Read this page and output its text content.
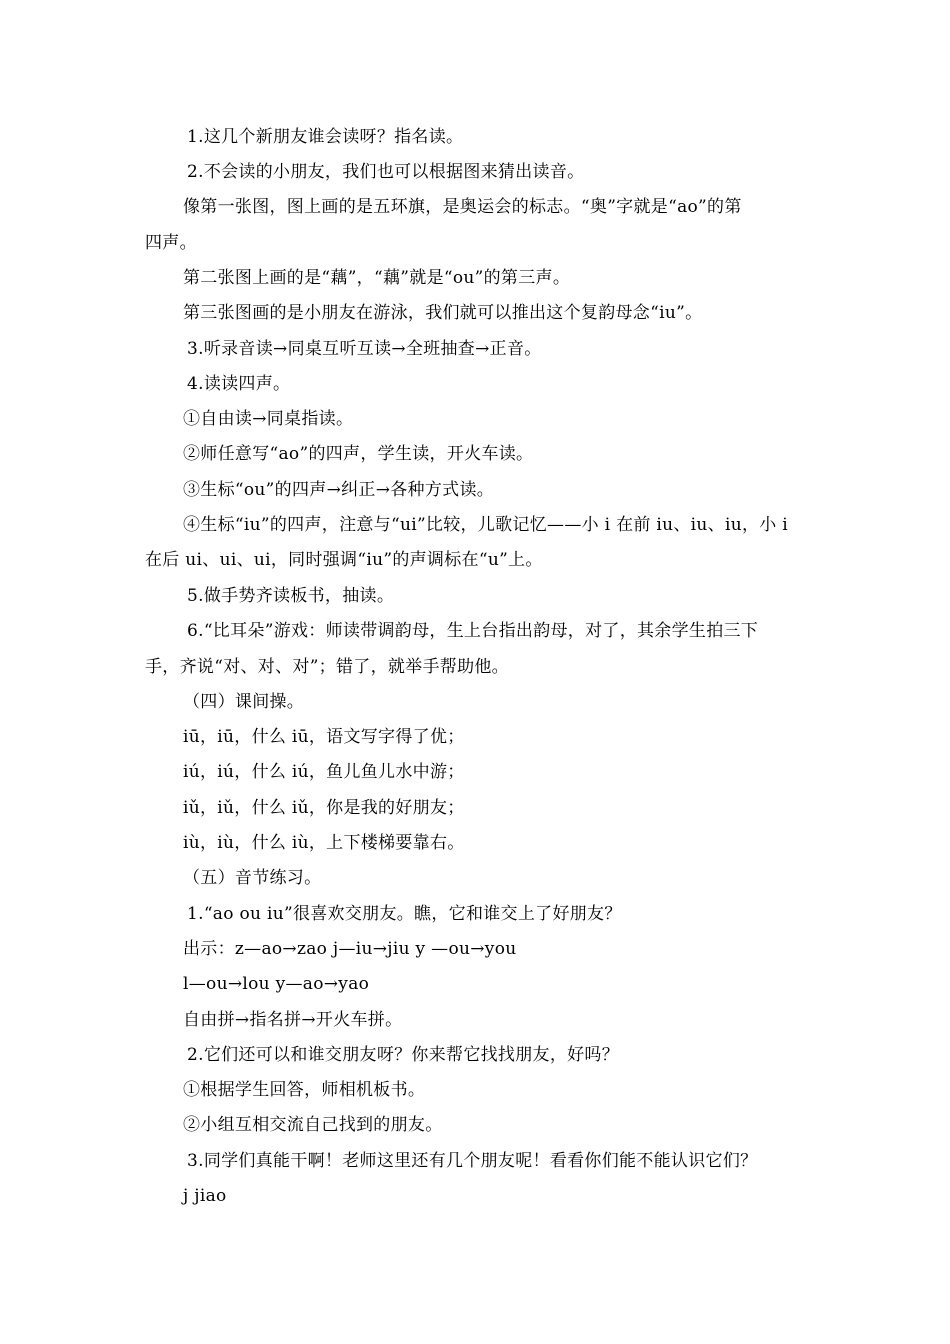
1.这几个新朋友谁会读呀？指名读。
2.不会读的小朋友，我们也可以根据图来猜出读音。
像第一张图，图上画的是五环旗，是奥运会的标志。“奥”字就是“ao”的第
四声。
第二张图上画的是“藕”，“藕”就是“ou”的第三声。
第三张图画的是小朋友在游泳，我们就可以推出这个复韵母念“iu”。
3.听录音读→同桌互听互读→全班抽查→正音。
4.读读四声。
①自由读→同桌指读。
②师任意写“ao”的四声，学生读，开火车读。
③生标“ou”的四声→纠正→各种方式读。
④生标“iu”的四声，注意与“ui”比较，儿歌记忆——小 i 在前 iu、iu、iu，小 i
在后 ui、ui、ui，同时强调“iu”的声调标在“u”上。
5.做手势齐读板书，抽读。
6.“比耳朵”游戏：师读带调韵母，生上台指出韵母，对了，其余学生拍三下
手，齐说“对、对、对”；错了，就举手帮助他。
（四）课间操。
iū，iū，什么 iū，语文写字得了优；
iú，iú，什么 iú，鱼儿鱼儿水中游；
iǔ，iǔ，什么 iǔ，你是我的好朋友；
iù，iù，什么 iù，上下楼梯要靠右。
（五）音节练习。
1.“ao ou iu”很喜欢交朋友。瞧，它和谁交上了好朋友？
出示：z—ao→zao j—iu→jiu y —ou→you
l—ou→lou y—ao→yao
自由拼→指名拼→开火车拼。
2.它们还可以和谁交朋友呀？你来帮它找找朋友，好吗？
①根据学生回答，师相机板书。
②小组互相交流自己找到的朋友。
3.同学们真能干啊！老师这里还有几个朋友呢！看看你们能不能认识它们？
j jiao
